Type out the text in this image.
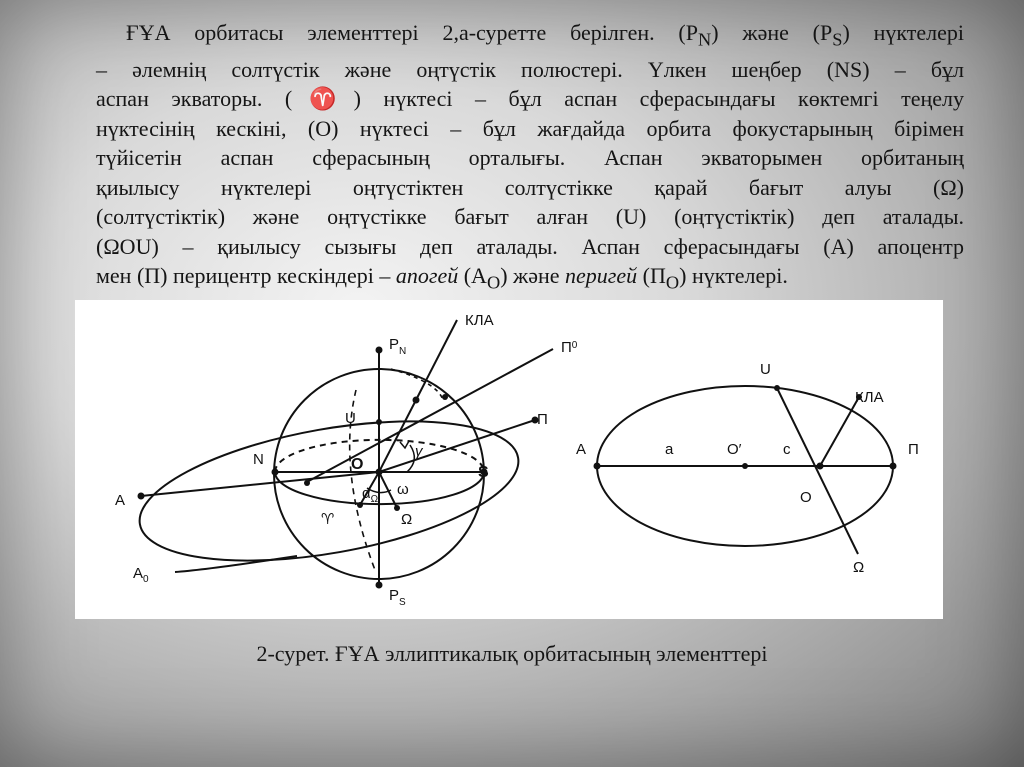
ҒҰА орбитасы элементтері 2,а-суретте берілген. $(P_N)$ және $(P_S)$ нүктелері
– әлемнің солтүстік және оңтүстік полюстері. Үлкен шеңбер (NS) – бұл
аспан экваторы. (♈) нүктесі – бұл аспан сферасындағы көктемгі теңелу
нүктесінің кескіні, (О) нүктесі – бұл жағдайда орбита фокустарының бірімен
түйісетін аспан сферасының орталығы. Аспан экваторымен орбитаның
қиылысу нүктелері оңтүстіктен солтүстікке қарай бағыт алуы (Ω)
(солтүстіктік) және оңтүстікке бағыт алған (U) (оңтүстіктік) деп аталады.
(ΩOU) – қиылысу сызығы деп аталады. Аспан сферасындағы (А) апоцентр
мен (П) перицентр кескіндері – апогей $(А_О)$ және перигей $(П_О)$ нүктелері.
$P_N$
$P_S$
КЛА
$П^0$
П
U
N	O	S
γ
$\alpha_\Omega$
ω
♈	Ω
A
$A_0$
A	a	O′	c	П
U
КЛА
O
Ω
2-сурет. ҒҰА эллиптикалық орбитасының элементтері
